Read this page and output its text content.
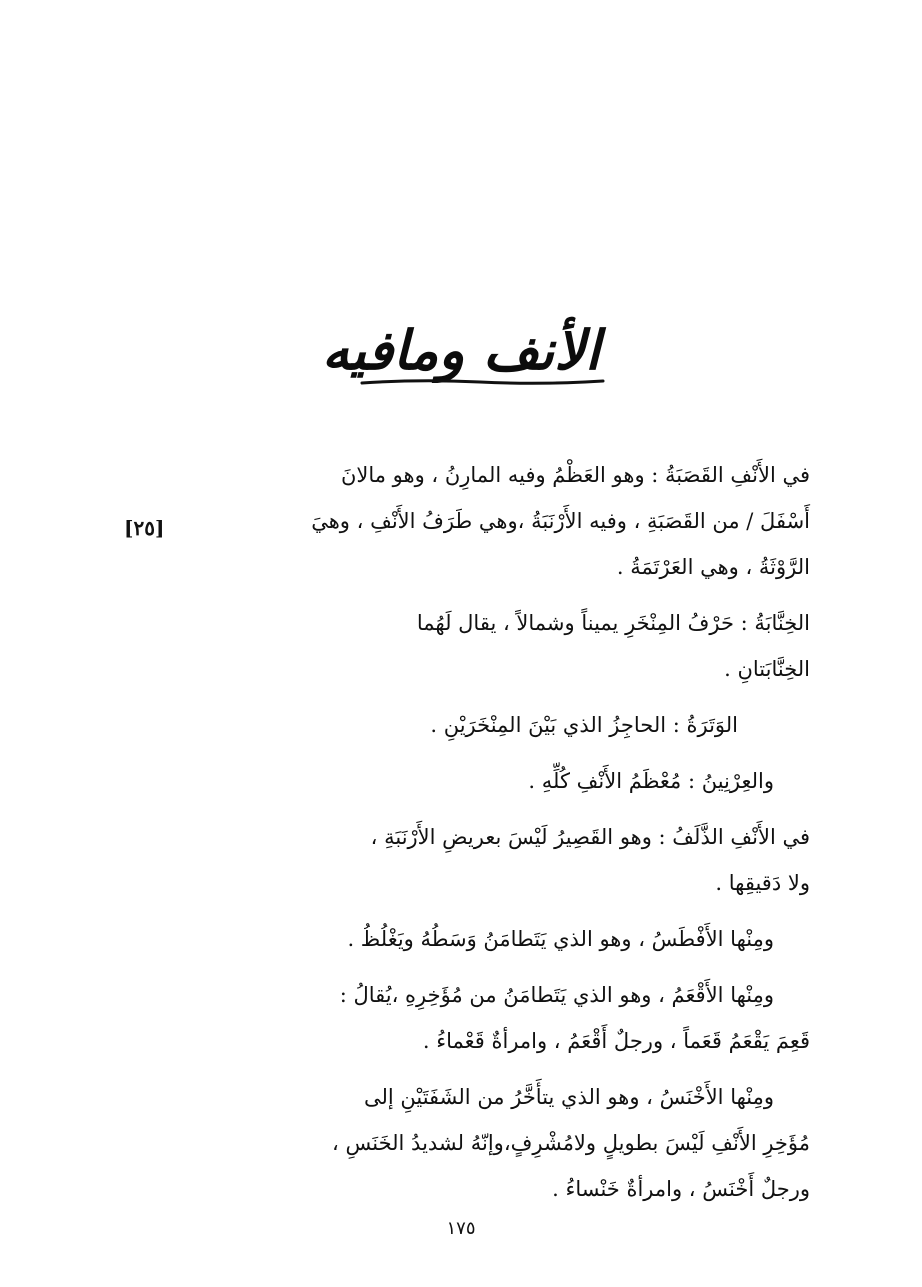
الأنف ومافيه
[٢٥]

في الأَنْفِ القَصَبَةُ : وهو العَظْمُ وفيه المارِنُ ، وهو مالانَ
أَسْفَلَ / من القَصَبَةِ ، وفيه الأَرْنَبَةُ ،وهي طَرَفُ الأَنْفِ ، وهيَ
الرَّوْثَةُ ، وهي العَرْتَمَةُ .

الخِنَّابَةُ : حَرْفُ المِنْخَرِ يميناً وشمالاً ، يقال لَهُما
الخِنَّابَتانِ .

الوَتَرَةُ : الحاجِزُ الذي بَيْنَ المِنْخَرَيْنِ .

والعِرْنِينُ : مُعْظَمُ الأَنْفِ كُلِّهِ .

في الأَنْفِ الذَّلَفُ : وهو القَصِيرُ لَيْسَ بعريضِ الأَرْنَبَةِ ،
ولا دَقيقِها .

ومِنْها الأَفْطَسُ ، وهو الذي يَتَطامَنُ وَسَطُهُ ويَغْلُظُ .

ومِنْها الأَقْعَمُ ، وهو الذي يَتَطامَنُ من مُؤَخِرِهِ ،يُقالُ :
قَعِمَ يَقْعَمُ قَعَماً ، ورجلٌ أَقْعَمُ ، وامرأةٌ قَعْماءُ .

ومِنْها الأَخْنَسُ ، وهو الذي يتأَخَّرُ من الشَفَتَيْنِ إلى
مُؤَخِرِ الأَنْفِ لَيْسَ بطويلٍ ولامُشْرِفٍ،وإنّهُ لشديدُ الخَنَسِ ،
ورجلٌ أَخْنَسُ ، وامرأةٌ خَنْساءُ .

١٧٥
